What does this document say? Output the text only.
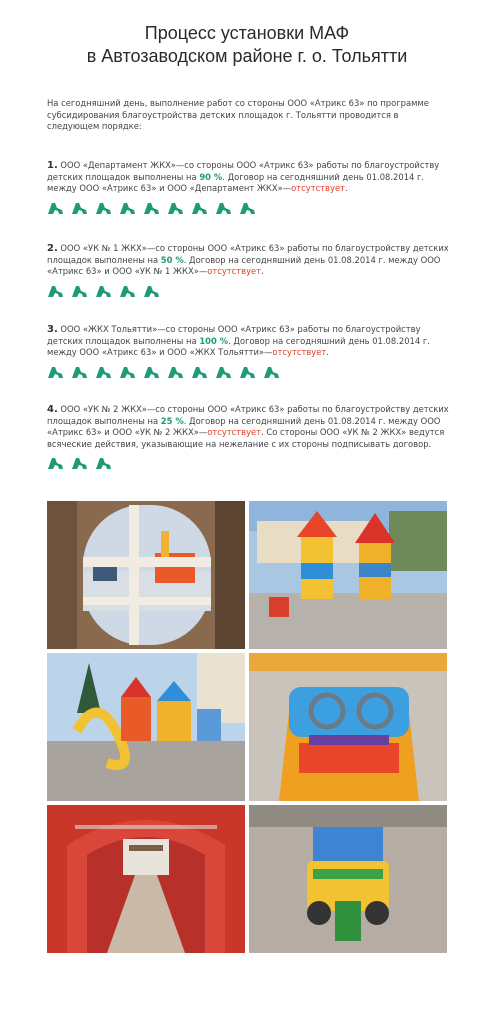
Процесс установки МАФ
в Автозаводском районе г. о. Тольятти
На сегодняшний день, выполнение работ со стороны ООО «Атрикс 63» по программе субсидирования благоустройства детских площадок г. Тольятти проводится в следующем порядке:

1. ООО «Департамент ЖКХ»—со стороны ООО «Атрикс 63» работы по благоустройству детских площадок выполнены на 90 %. Договор на сегодняшний день 01.08.2014 г. между ООО «Атрикс 63» и ООО «Департамент ЖКХ»—отсутствует.

2. ООО «УК № 1 ЖКХ»—со стороны ООО «Атрикс 63» работы по благоустройству детских площадок выполнены на 50 %. Договор на сегодняшний день 01.08.2014 г. между ООО «Атрикс 63» и ООО «УК № 1 ЖКХ»—отсутствует.

3. ООО «ЖКХ Тольятти»—со стороны ООО «Атрикс 63» работы по благоустройству детских площадок выполнены на 100 %. Договор на сегодняшний день 01.08.2014 г. между ООО «Атрикс 63» и ООО «ЖКХ Тольятти»—отсутствует.

4. ООО «УК № 2 ЖКХ»—со стороны ООО «Атрикс 63» работы по благоустройству детских площадок выполнены на 25 %. Договор на сегодняшний день 01.08.2014 г. между ООО «Атрикс 63» и ООО «УК № 2 ЖКХ»—отсутствует. Со стороны ООО «УК № 2 ЖКХ» ведутся всяческие действия, указывающие на нежелание с их стороны подписывать договор.
